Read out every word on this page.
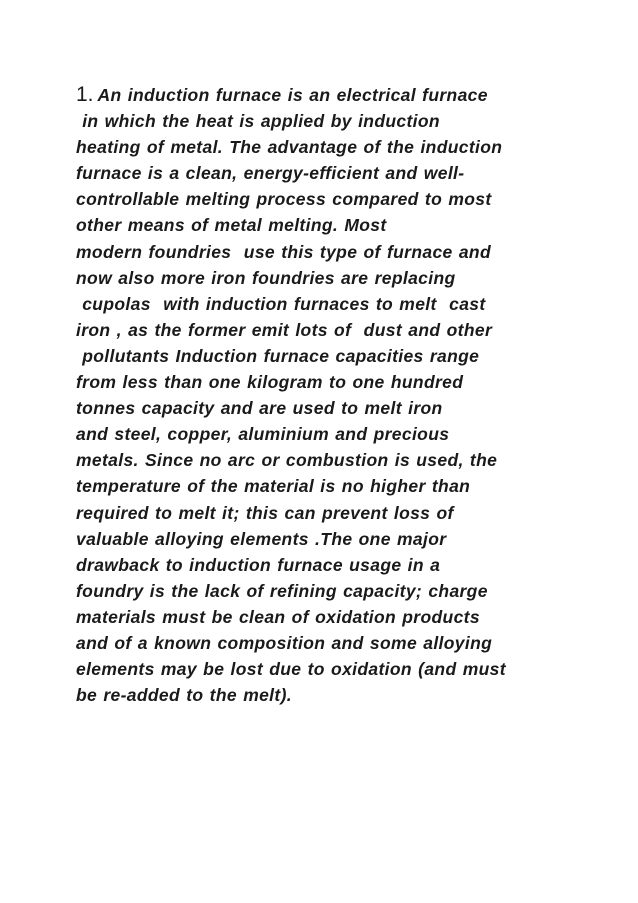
1. An induction furnace is an electrical furnace
in which the heat is applied by induction
heating of metal. The advantage of the induction
furnace is a clean, energy-efficient and well-
controllable melting process compared to most
other means of metal melting. Most
modern foundries  use this type of furnace and
now also more iron foundries are replacing
cupolas  with induction furnaces to melt  cast
iron , as the former emit lots of  dust and other
pollutants Induction furnace capacities range
from less than one kilogram to one hundred
tonnes capacity and are used to melt iron
and steel, copper, aluminium and precious
metals. Since no arc or combustion is used, the
temperature of the material is no higher than
required to melt it; this can prevent loss of
valuable alloying elements .The one major
drawback to induction furnace usage in a
foundry is the lack of refining capacity; charge
materials must be clean of oxidation products
and of a known composition and some alloying
elements may be lost due to oxidation (and must
be re-added to the melt).
